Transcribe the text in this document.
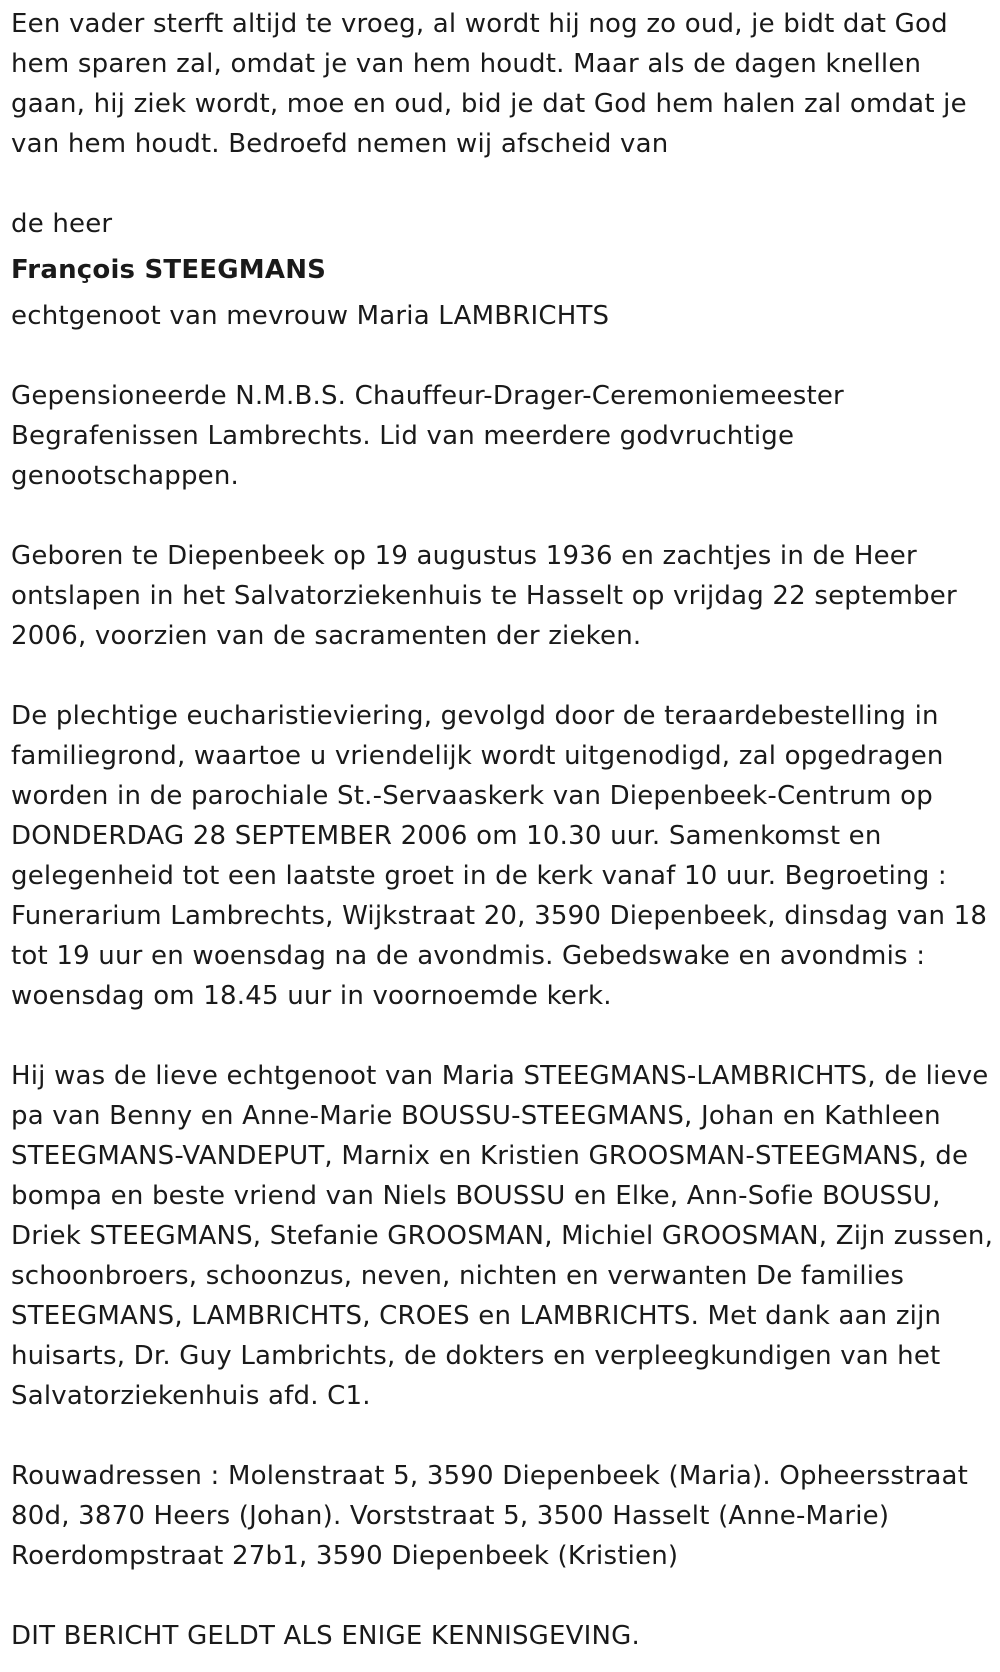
Een vader sterft altijd te vroeg, al wordt hij nog zo oud, je bidt dat God hem sparen zal, omdat je van hem houdt. Maar als de dagen knellen gaan, hij ziek wordt, moe en oud, bid je dat God hem halen zal omdat je van hem houdt. Bedroefd nemen wij afscheid van

de heer

François STEEGMANS

echtgenoot van mevrouw Maria LAMBRICHTS

Gepensioneerde N.M.B.S. Chauffeur-Drager-Ceremoniemeester Begrafenissen Lambrechts. Lid van meerdere godvruchtige genootschappen.

Geboren te Diepenbeek op 19 augustus 1936 en zachtjes in de Heer ontslapen in het Salvatorziekenhuis te Hasselt op vrijdag 22 september 2006, voorzien van de sacramenten der zieken.

De plechtige eucharistieviering, gevolgd door de teraardebestelling in familiegrond, waartoe u vriendelijk wordt uitgenodigd, zal opgedragen worden in de parochiale St.-Servaaskerk van Diepenbeek-Centrum op DONDERDAG 28 SEPTEMBER 2006 om 10.30 uur. Samenkomst en gelegenheid tot een laatste groet in de kerk vanaf 10 uur. Begroeting : Funerarium Lambrechts, Wijkstraat 20, 3590 Diepenbeek, dinsdag van 18 tot 19 uur en woensdag na de avondmis. Gebedswake en avondmis : woensdag om 18.45 uur in voornoemde kerk.

Hij was de lieve echtgenoot van Maria STEEGMANS-LAMBRICHTS, de lieve pa van Benny en Anne-Marie BOUSSU-STEEGMANS, Johan en Kathleen STEEGMANS-VANDEPUT, Marnix en Kristien GROOSMAN-STEEGMANS, de bompa en beste vriend van Niels BOUSSU en Elke, Ann-Sofie BOUSSU, Driek STEEGMANS, Stefanie GROOSMAN, Michiel GROOSMAN, Zijn zussen, schoonbroers, schoonzus, neven, nichten en verwanten De families STEEGMANS, LAMBRICHTS, CROES en LAMBRICHTS. Met dank aan zijn huisarts, Dr. Guy Lambrichts, de dokters en verpleegkundigen van het Salvatorziekenhuis afd. C1.

Rouwadressen : Molenstraat 5, 3590 Diepenbeek (Maria). Opheersstraat 80d, 3870 Heers (Johan). Vorststraat 5, 3500 Hasselt (Anne-Marie) Roerdompstraat 27b1, 3590 Diepenbeek (Kristien)

DIT BERICHT GELDT ALS ENIGE KENNISGEVING.
